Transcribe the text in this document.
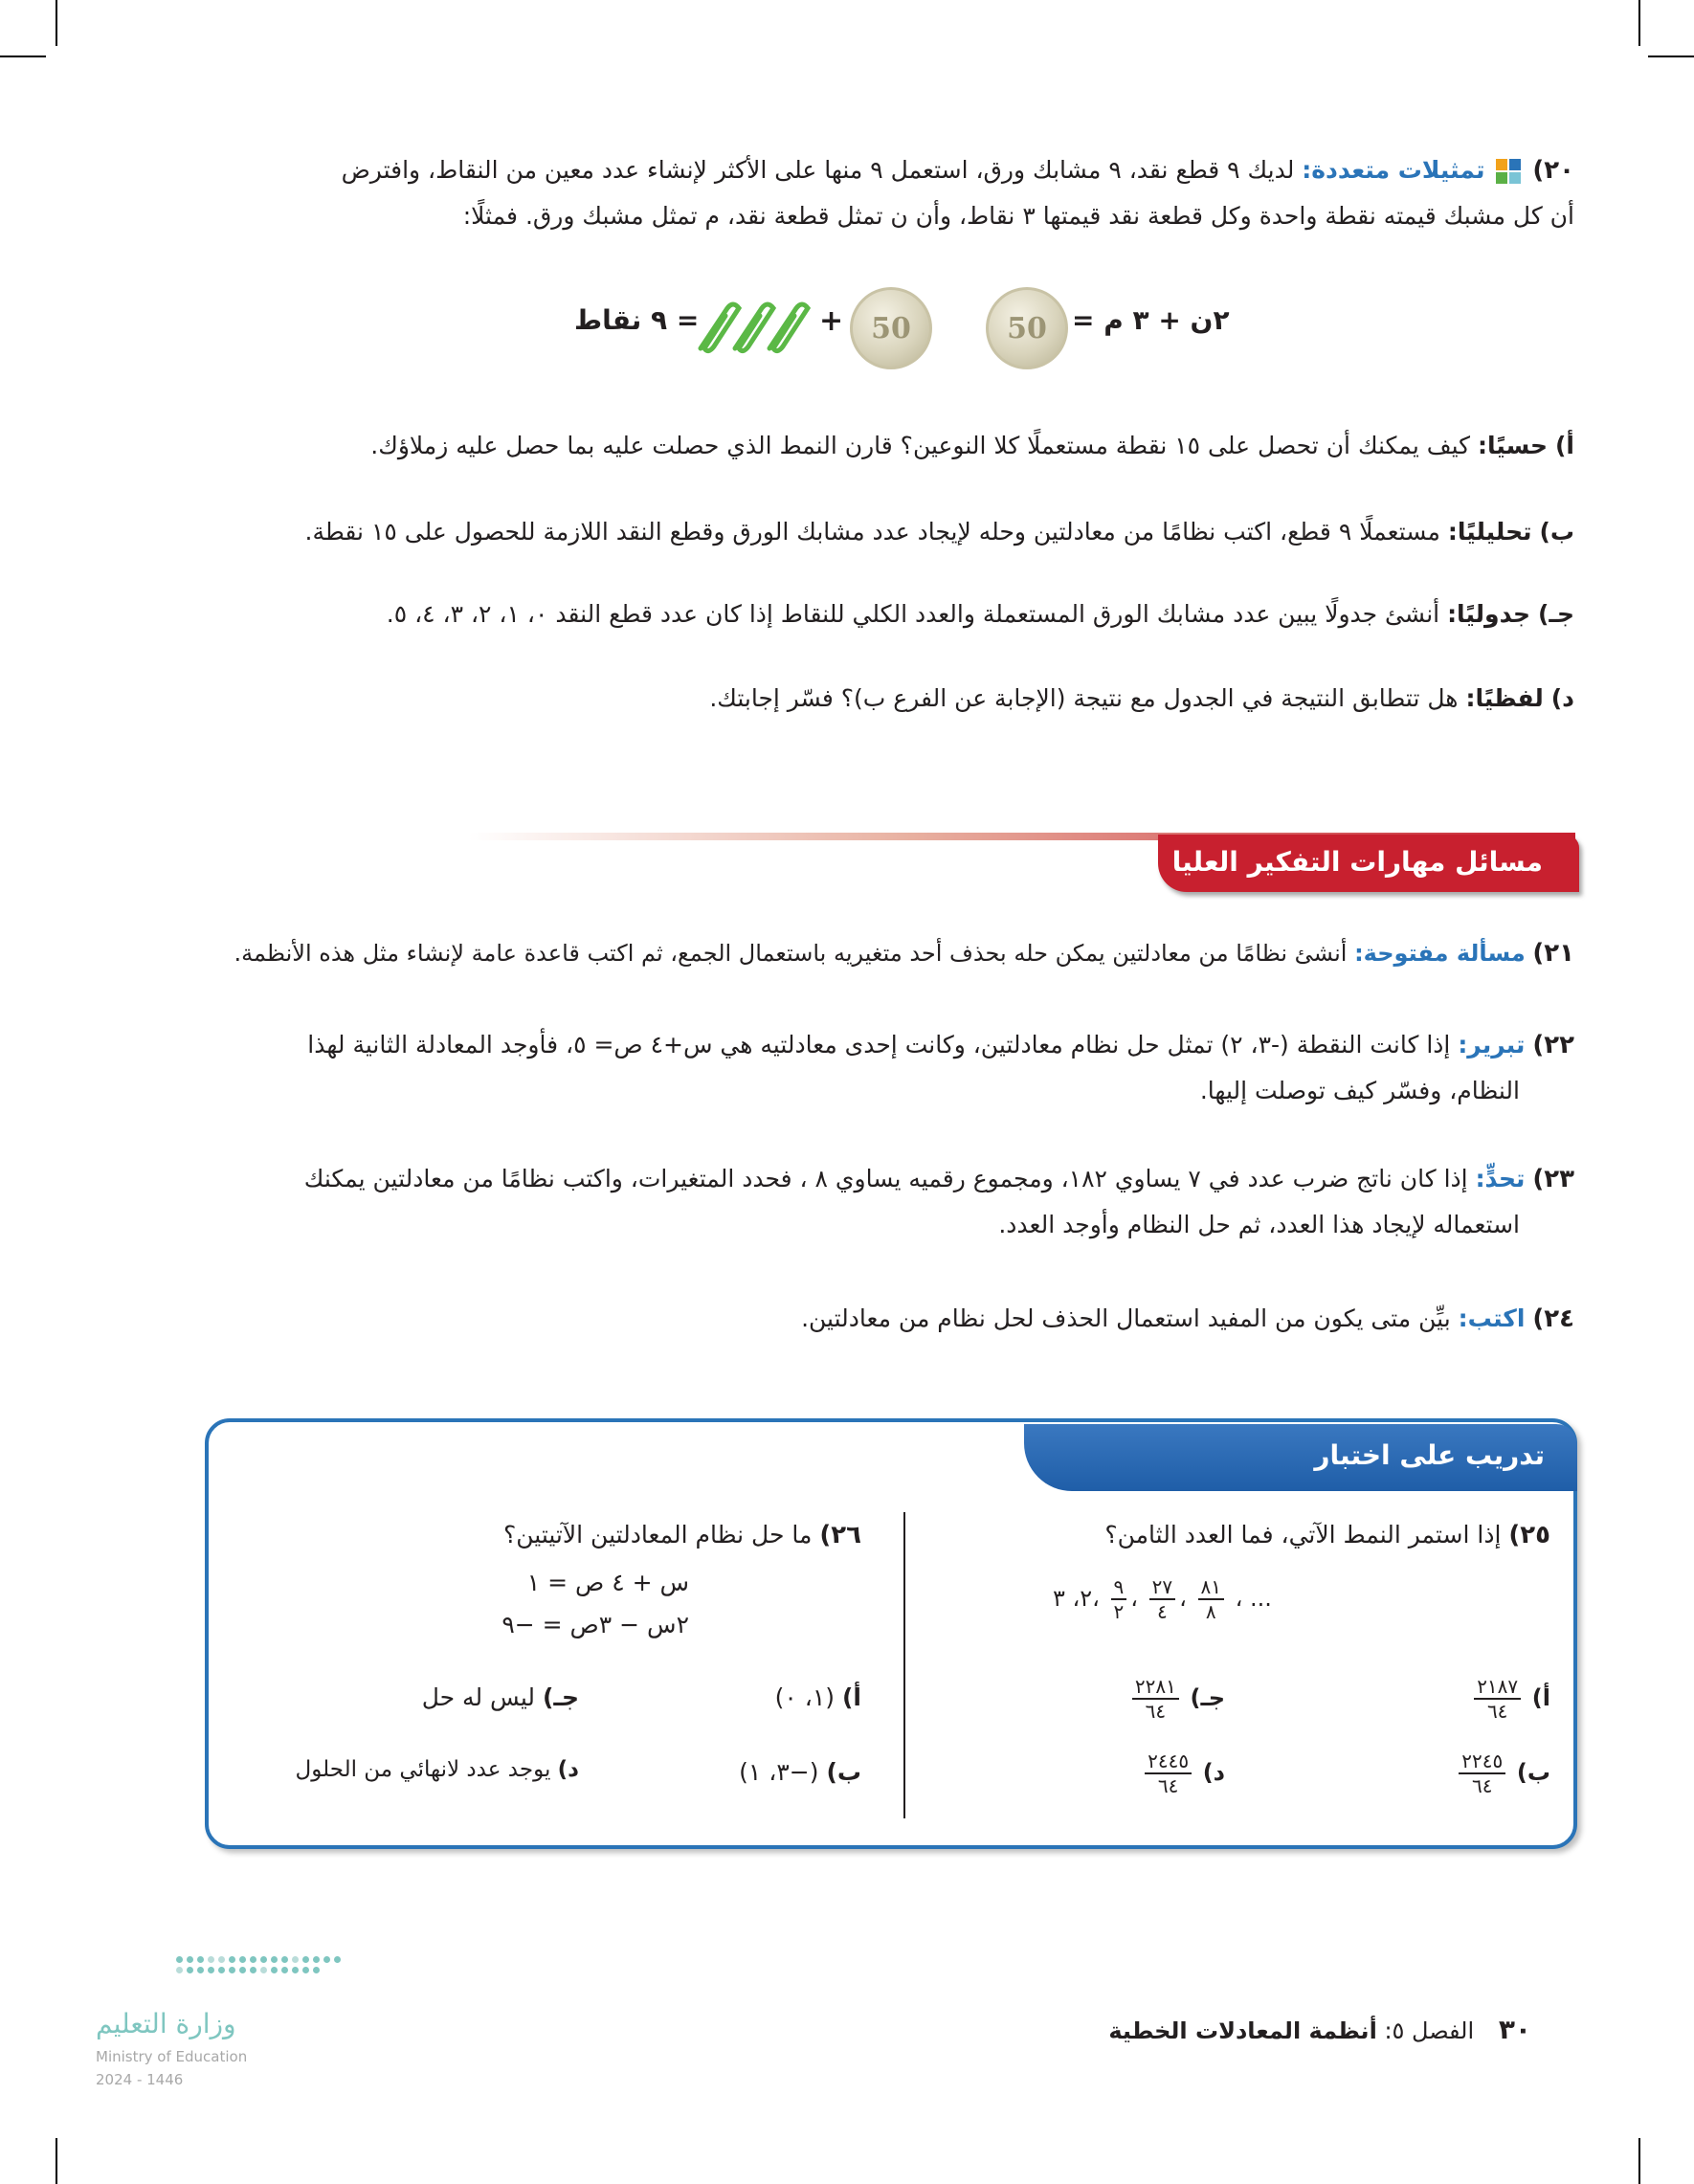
٢٠)
تمثيلات متعددة: لديك ٩ قطع نقد، ٩ مشابك ورق، استعمل ٩ منها على الأكثر لإنشاء عدد معين من النقاط، وافترض
أن كل مشبك قيمته نقطة واحدة وكل قطعة نقد قيمتها ٣ نقاط، وأن ن تمثل قطعة نقد، م تمثل مشبك ورق. فمثلًا:
٢ن + ٣ م =
50
+ 50
= ٩ نقاط
أ) حسيًا: كيف يمكنك أن تحصل على ١٥ نقطة مستعملًا كلا النوعين؟ قارن النمط الذي حصلت عليه بما حصل عليه زملاؤك.
ب) تحليليًا: مستعملًا ٩ قطع، اكتب نظامًا من معادلتين وحله لإيجاد عدد مشابك الورق وقطع النقد اللازمة للحصول على ١٥ نقطة.
جـ) جدوليًا: أنشئ جدولًا يبين عدد مشابك الورق المستعملة والعدد الكلي للنقاط إذا كان عدد قطع النقد ٠، ١، ٢، ٣، ٤، ٥.
د) لفظيًا: هل تتطابق النتيجة في الجدول مع نتيجة (الإجابة عن الفرع ب)؟ فسّر إجابتك.
مسائل مهارات التفكير العليا
٢١) مسألة مفتوحة: أنشئ نظامًا من معادلتين يمكن حله بحذف أحد متغيريه باستعمال الجمع، ثم اكتب قاعدة عامة لإنشاء مثل هذه الأنظمة.
٢٢) تبرير: إذا كانت النقطة (-٣، ٢) تمثل حل نظام معادلتين، وكانت إحدى معادلتيه هي س+٤ ص= ٥، فأوجد المعادلة الثانية لهذا
النظام، وفسّر كيف توصلت إليها.
٢٣) تحدٍّ: إذا كان ناتج ضرب عدد في ٧ يساوي ١٨٢، ومجموع رقميه يساوي ٨ ، فحدد المتغيرات، واكتب نظامًا من معادلتين يمكنك
استعماله لإيجاد هذا العدد، ثم حل النظام وأوجد العدد.
٢٤) اكتب: بيِّن متى يكون من المفيد استعمال الحذف لحل نظام من معادلتين.
تدريب على اختبار
٢٥) إذا استمر النمط الآتي، فما العدد الثامن؟
٢، ٣، $\frac{٩}{٢}$ ، $\frac{٢٧}{٤}$ ، $\frac{٨١}{٨}$ ، ...
أ)
$\frac{٢١٨٧}{٦٤}$
ب)
$\frac{٢٢٤٥}{٦٤}$
جـ)
$\frac{٢٢٨١}{٦٤}$
د)
$\frac{٢٤٤٥}{٦٤}$
٢٦) ما حل نظام المعادلتين الآتيتين؟
س + ٤ ص = ١
٢س − ٣ص = −٩
أ) (١، ٠)
ب) (−٣، ١)
جـ) ليس له حل
د) يوجد عدد لانهائي من الحلول
وزارة التعليم
Ministry of Education
2024 - 1446
٣٠ الفصل ٥: أنظمة المعادلات الخطية
